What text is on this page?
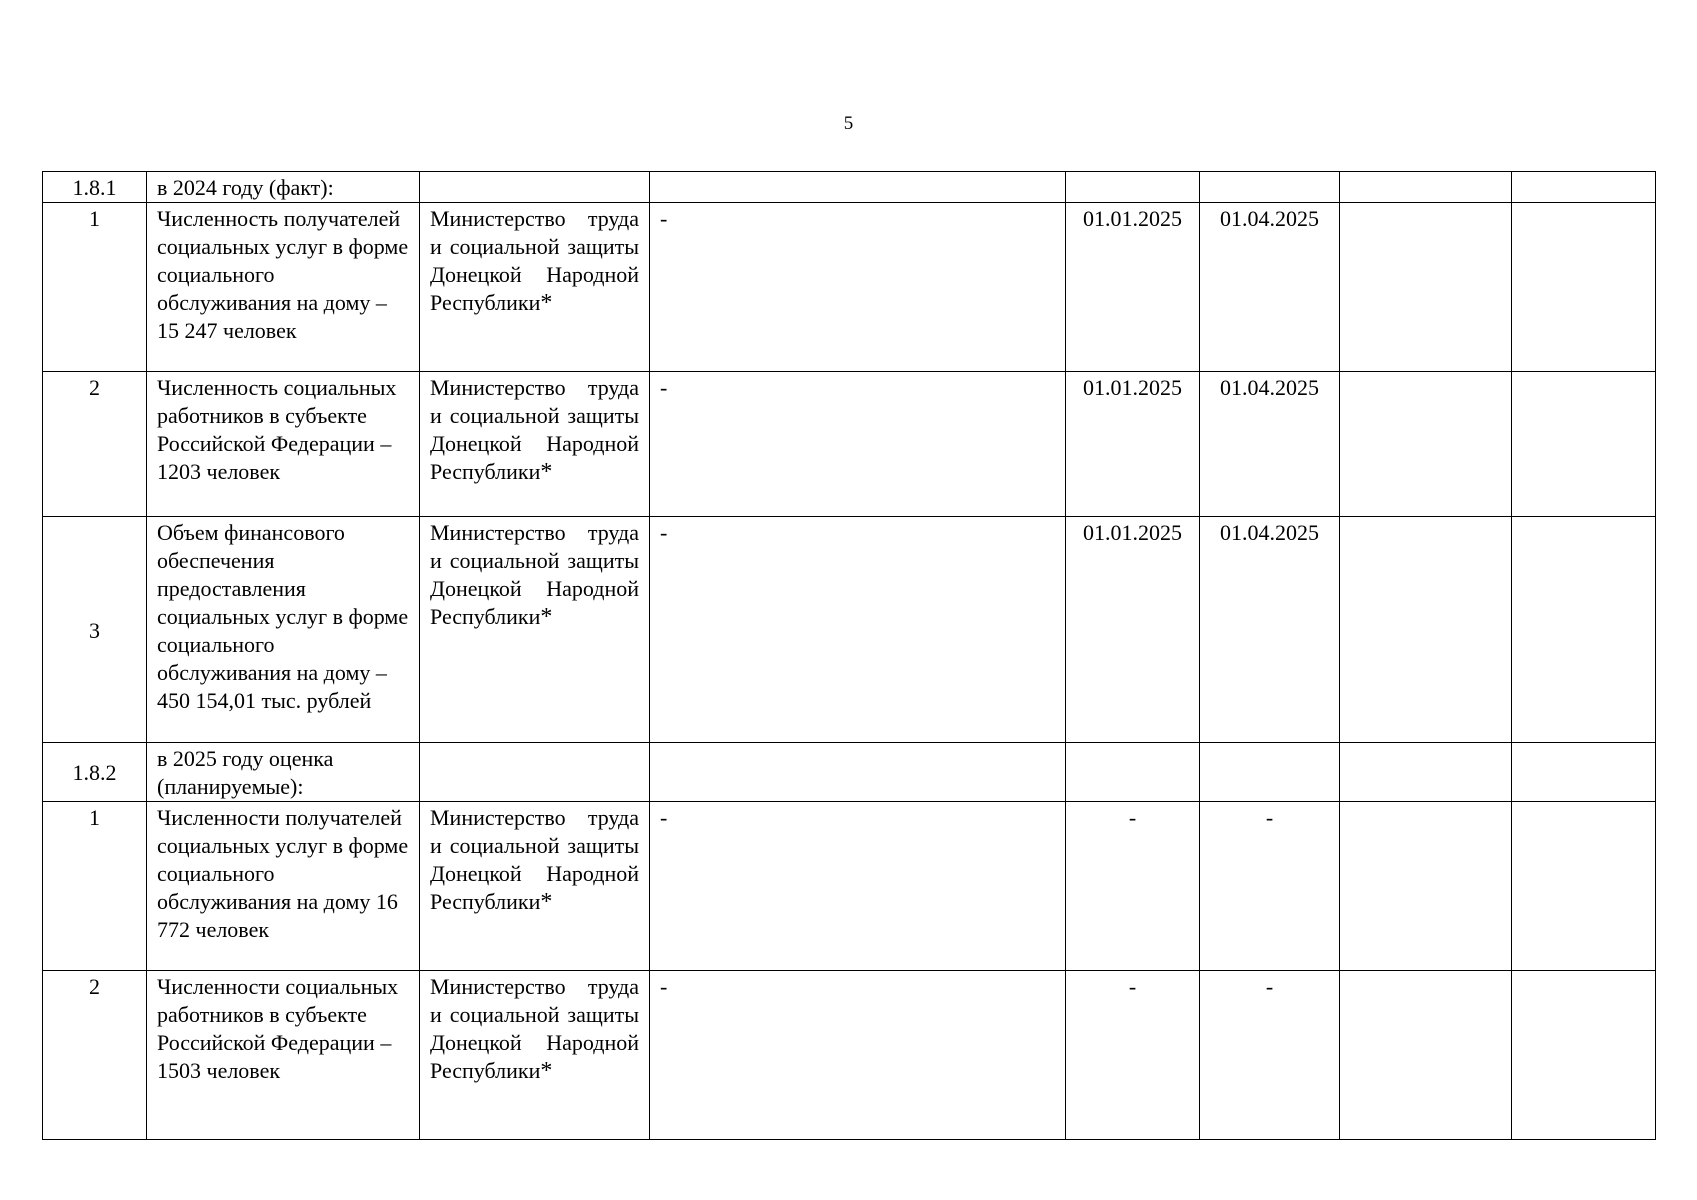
5
1.8.1	в 2024 году (факт):						
1	Численность получателей социальных услуг в форме социального обслуживания на дому – 15 247 человек	Министерство труда и социальной защиты Донецкой Народной Республики*	-	01.01.2025	01.04.2025		
2	Численность социальных работников в субъекте Российской Федерации – 1203 человек	Министерство труда и социальной защиты Донецкой Народной Республики*	-	01.01.2025	01.04.2025		
3	Объем финансового обеспечения предоставления социальных услуг в форме социального обслуживания на дому – 450 154,01 тыс. рублей	Министерство труда и социальной защиты Донецкой Народной Республики*	-	01.01.2025	01.04.2025		
1.8.2	в 2025 году оценка (планируемые):						
1	Численности получателей социальных услуг в форме социального обслуживания на дому 16 772 человек	Министерство труда и социальной защиты Донецкой Народной Республики*	-	-	-		
2	Численности социальных работников в субъекте Российской Федерации – 1503 человек	Министерство труда и социальной защиты Донецкой Народной Республики*	-	-	-		
